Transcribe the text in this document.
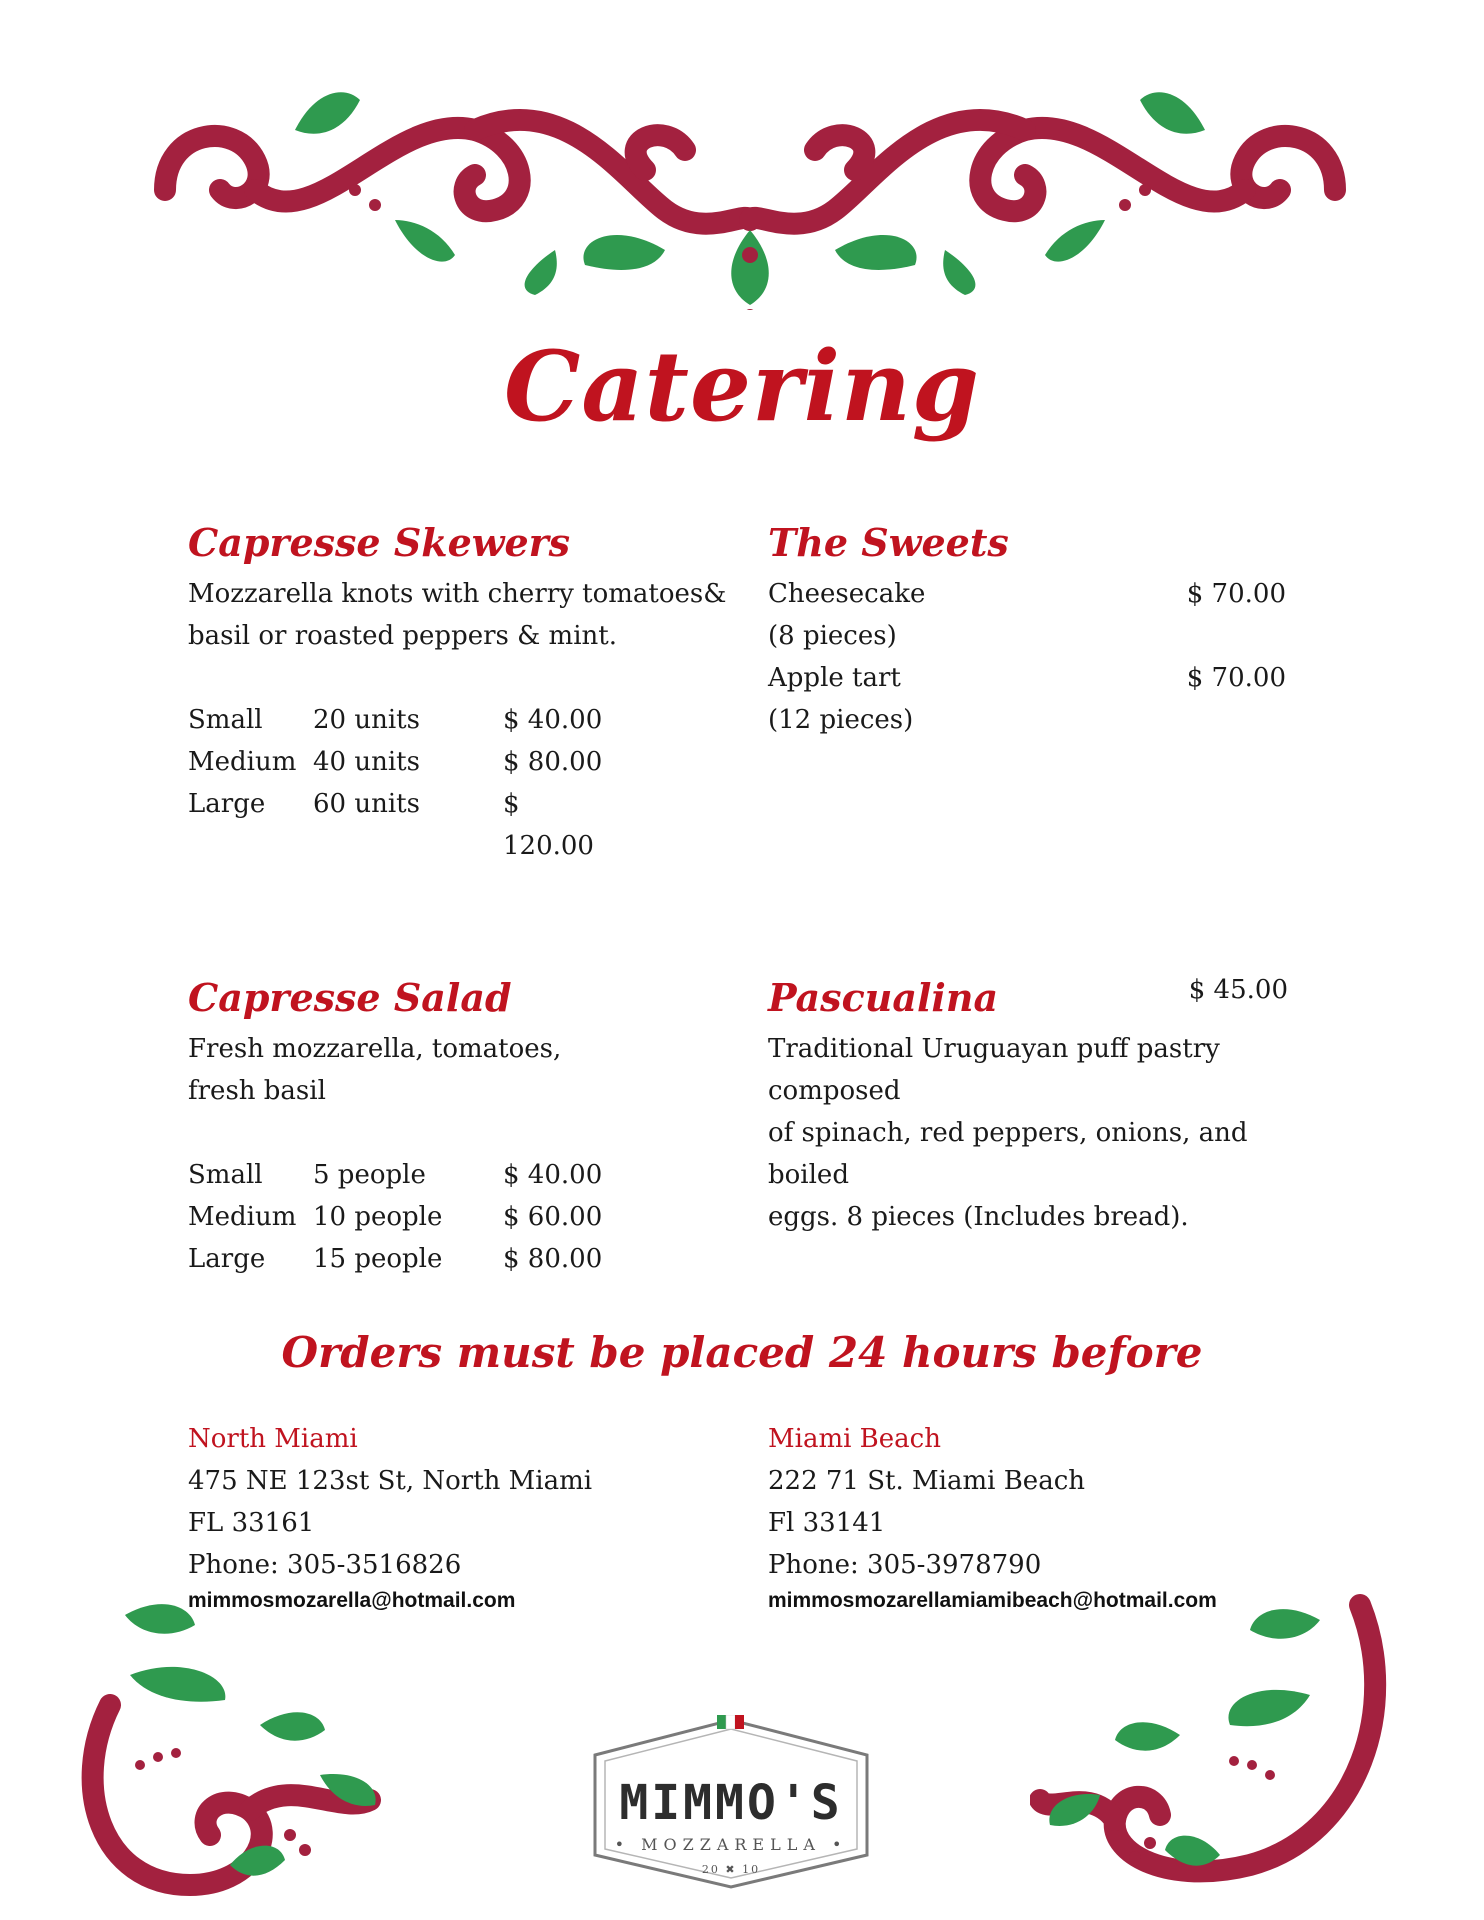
Catering
Capresse Skewers

Mozzarella knots with cherry tomatoes&

basil or roasted peppers & mint.

Small	20 units	$ 40.00
Medium 40 units	$ 80.00
Large	60 units	$ 120.00
The Sweets
Cheesecake	$ 70.00

(8 pieces)

Apple tart	$ 70.00

(12 pieces)

Capresse Salad

Fresh mozzarella, tomatoes,

fresh basil

Small	5 people	$ 40.00
Medium 10 people	$ 60.00
Large	15 people	$ 80.00
Pascualina	$ 45.00

Traditional Uruguayan puff pastry composed

of spinach, red peppers, onions, and boiled

eggs. 8 pieces (Includes bread).

Orders must be placed 24 hours before

North Miami
475 NE 123st St, North Miami
FL 33161
Phone: 305-3516826
mimmosmozarella@hotmail.com
Miami Beach
222 71 St. Miami Beach
Fl 33141
Phone: 305-3978790
mimmosmozarellamiamibeach@hotmail.com
MIMMO'S
• MOZZARELLA •
20 ✖ 10
